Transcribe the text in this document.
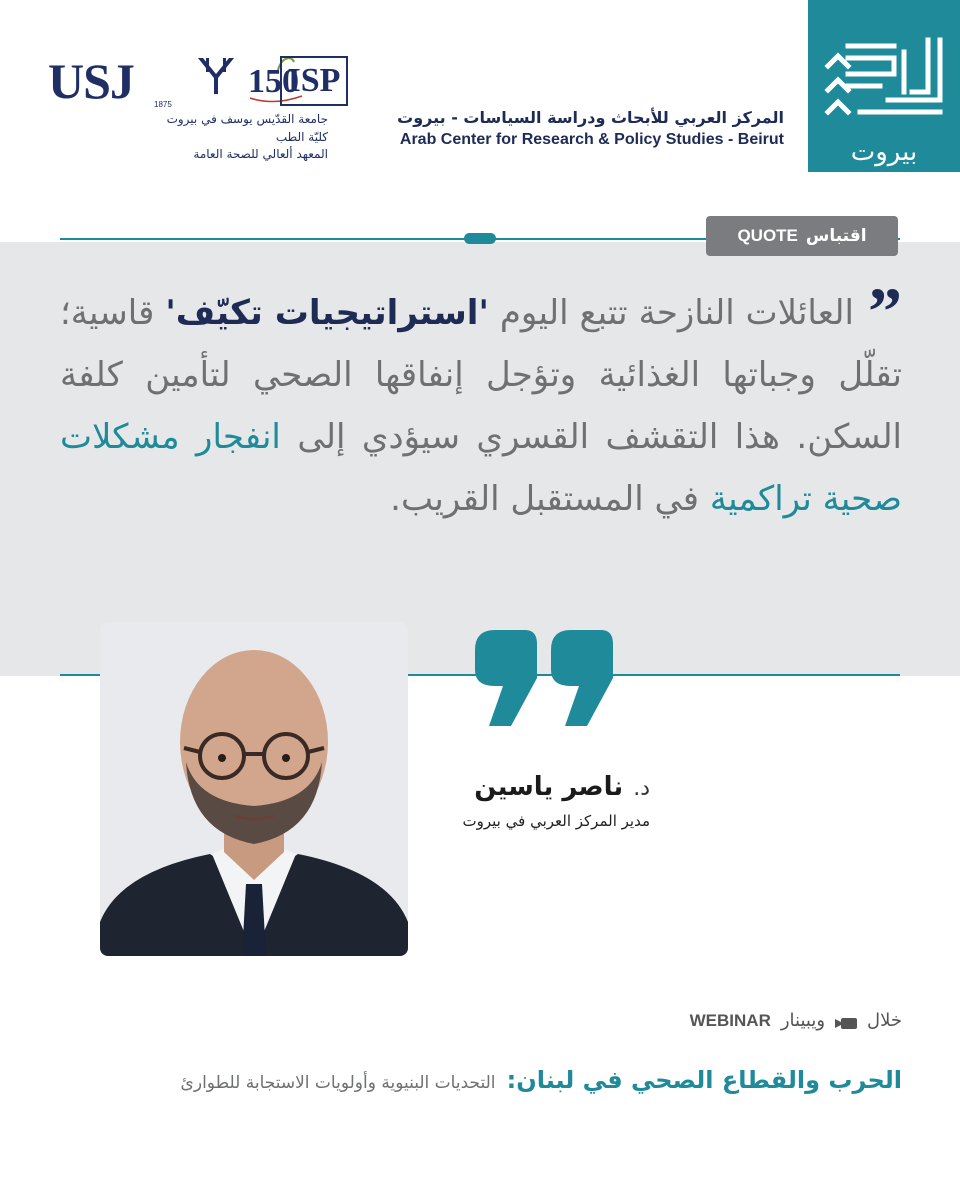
USJ	1875
150
ISP
جامعة القدّيس يوسف في بيروت
كليّة الطب
المعهد ألعالي للصحة العامة
المركز العربي للأبحاث ودراسة السياسات - بيروت
Arab Center for Research & Policy Studies - Beirut	بيروت
اقتباس
QUOTE
”العائلات النازحة تتبع اليوم 'استراتيجيات تكيّف' قاسية؛ تقلّل وجباتها الغذائية وتؤجل إنفاقها الصحي لتأمين كلفة السكن. هذا التقشف القسري سيؤدي إلى انفجار مشكلات صحية تراكمية في المستقبل القريب.
د.ناصر ياسين
مدير المركز العربي في بيروت
خلال
ويبينار
WEBINAR
الحرب والقطاع الصحي في لبنان: التحديات البنيوية وأولويات الاستجابة للطوارئ
